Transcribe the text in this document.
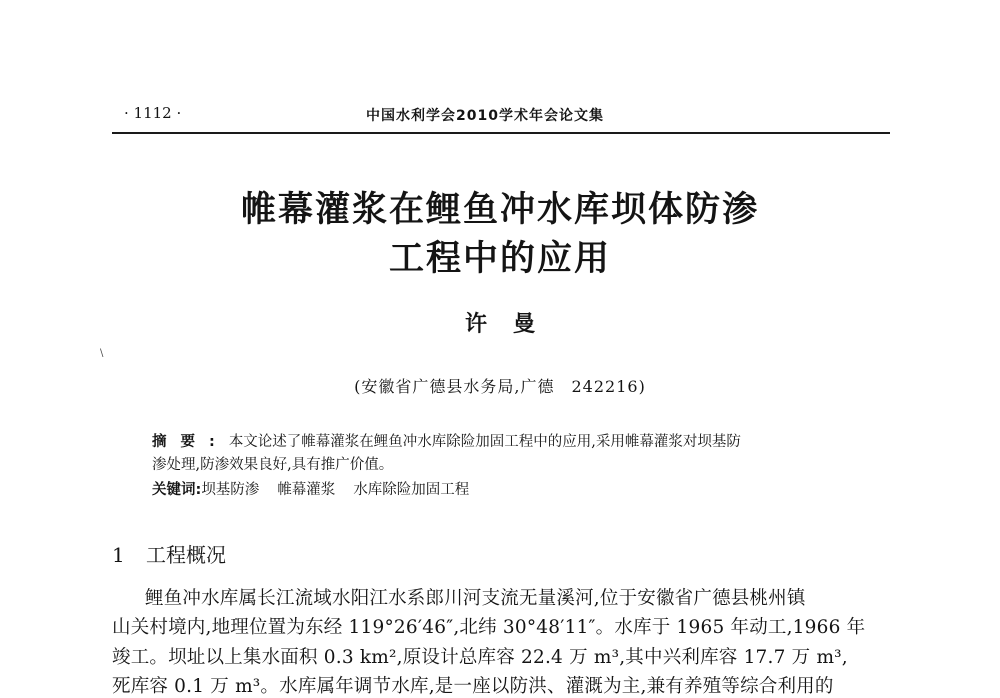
· 1112 ·	中国水利学会2010学术年会论文集
帷幕灌浆在鲤鱼冲水库坝体防渗
工程中的应用
许曼
\
(安徽省广德县水务局,广德　242216)
摘要:本文论述了帷幕灌浆在鲤鱼冲水库除险加固工程中的应用,采用帷幕灌浆对坝基防
渗处理,防渗效果良好,具有推广价值。
关键词:坝基防渗 帷幕灌浆 水库除险加固工程
1 工程概况
鲤鱼冲水库属长江流域水阳江水系郎川河支流无量溪河,位于安徽省广德县桃州镇
山关村境内,地理位置为东经 119°26′46″,北纬 30°48′11″。水库于 1965 年动工,1966 年
竣工。坝址以上集水面积 0.3 km²,原设计总库容 22.4 万 m³,其中兴利库容 17.7 万 m³,
死库容 0.1 万 m³。水库属年调节水库,是一座以防洪、灌溉为主,兼有养殖等综合利用的
